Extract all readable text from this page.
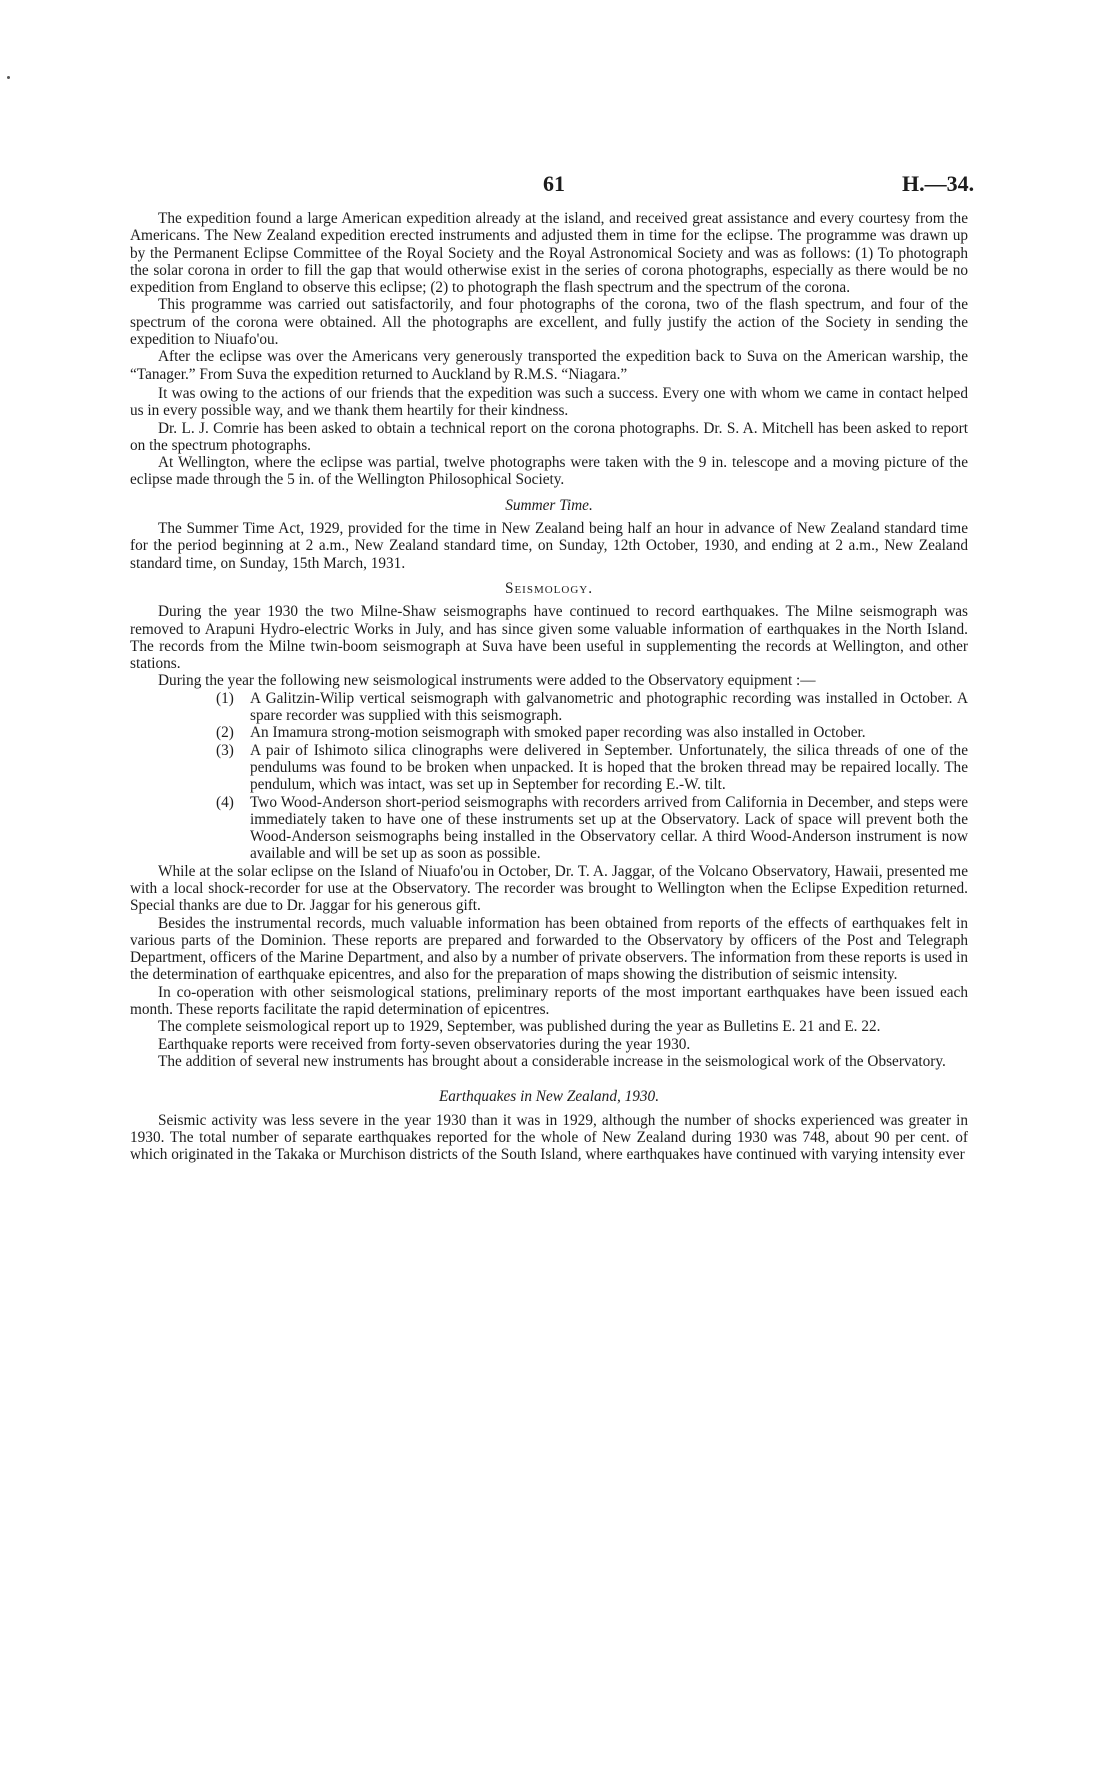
61	H.—34.

The expedition found a large American expedition already at the island, and received great assistance and every courtesy from the Americans. The New Zealand expedition erected instruments and adjusted them in time for the eclipse. The programme was drawn up by the Permanent Eclipse Committee of the Royal Society and the Royal Astronomical Society and was as follows: (1) To photograph the solar corona in order to fill the gap that would otherwise exist in the series of corona photographs, especially as there would be no expedition from England to observe this eclipse; (2) to photograph the flash spectrum and the spectrum of the corona.

This programme was carried out satisfactorily, and four photographs of the corona, two of the flash spectrum, and four of the spectrum of the corona were obtained. All the photographs are excellent, and fully justify the action of the Society in sending the expedition to Niuafo'ou.

After the eclipse was over the Americans very generously transported the expedition back to Suva on the American warship, the “Tanager.” From Suva the expedition returned to Auckland by R.M.S. “Niagara.”

It was owing to the actions of our friends that the expedition was such a success. Every one with whom we came in contact helped us in every possible way, and we thank them heartily for their kindness.

Dr. L. J. Comrie has been asked to obtain a technical report on the corona photographs. Dr. S. A. Mitchell has been asked to report on the spectrum photographs.

At Wellington, where the eclipse was partial, twelve photographs were taken with the 9 in. telescope and a moving picture of the eclipse made through the 5 in. of the Wellington Philosophical Society.

Summer Time.

The Summer Time Act, 1929, provided for the time in New Zealand being half an hour in advance of New Zealand standard time for the period beginning at 2 a.m., New Zealand standard time, on Sunday, 12th October, 1930, and ending at 2 a.m., New Zealand standard time, on Sunday, 15th March, 1931.

Seismology.

During the year 1930 the two Milne-Shaw seismographs have continued to record earthquakes. The Milne seismograph was removed to Arapuni Hydro-electric Works in July, and has since given some valuable information of earthquakes in the North Island. The records from the Milne twin-boom seismograph at Suva have been useful in supplementing the records at Wellington, and other stations.

During the year the following new seismological instruments were added to the Observatory equipment :—

(1) A Galitzin-Wilip vertical seismograph with galvanometric and photographic recording was installed in October. A spare recorder was supplied with this seismograph.
(2) An Imamura strong-motion seismograph with smoked paper recording was also installed in October.
(3) A pair of Ishimoto silica clinographs were delivered in September. Unfortunately, the silica threads of one of the pendulums was found to be broken when unpacked. It is hoped that the broken thread may be repaired locally. The pendulum, which was intact, was set up in September for recording E.-W. tilt.
(4) Two Wood-Anderson short-period seismographs with recorders arrived from California in December, and steps were immediately taken to have one of these instruments set up at the Observatory. Lack of space will prevent both the Wood-Anderson seismographs being installed in the Observatory cellar. A third Wood-Anderson instrument is now available and will be set up as soon as possible.

While at the solar eclipse on the Island of Niuafo'ou in October, Dr. T. A. Jaggar, of the Volcano Observatory, Hawaii, presented me with a local shock-recorder for use at the Observatory. The recorder was brought to Wellington when the Eclipse Expedition returned. Special thanks are due to Dr. Jaggar for his generous gift.

Besides the instrumental records, much valuable information has been obtained from reports of the effects of earthquakes felt in various parts of the Dominion. These reports are prepared and forwarded to the Observatory by officers of the Post and Telegraph Department, officers of the Marine Department, and also by a number of private observers. The information from these reports is used in the determination of earthquake epicentres, and also for the preparation of maps showing the distribution of seismic intensity.

In co-operation with other seismological stations, preliminary reports of the most important earthquakes have been issued each month. These reports facilitate the rapid determination of epicentres.

The complete seismological report up to 1929, September, was published during the year as Bulletins E. 21 and E. 22.

Earthquake reports were received from forty-seven observatories during the year 1930.

The addition of several new instruments has brought about a considerable increase in the seismological work of the Observatory.

Earthquakes in New Zealand, 1930.

Seismic activity was less severe in the year 1930 than it was in 1929, although the number of shocks experienced was greater in 1930. The total number of separate earthquakes reported for the whole of New Zealand during 1930 was 748, about 90 per cent. of which originated in the Takaka or Murchison districts of the South Island, where earthquakes have continued with varying intensity ever
